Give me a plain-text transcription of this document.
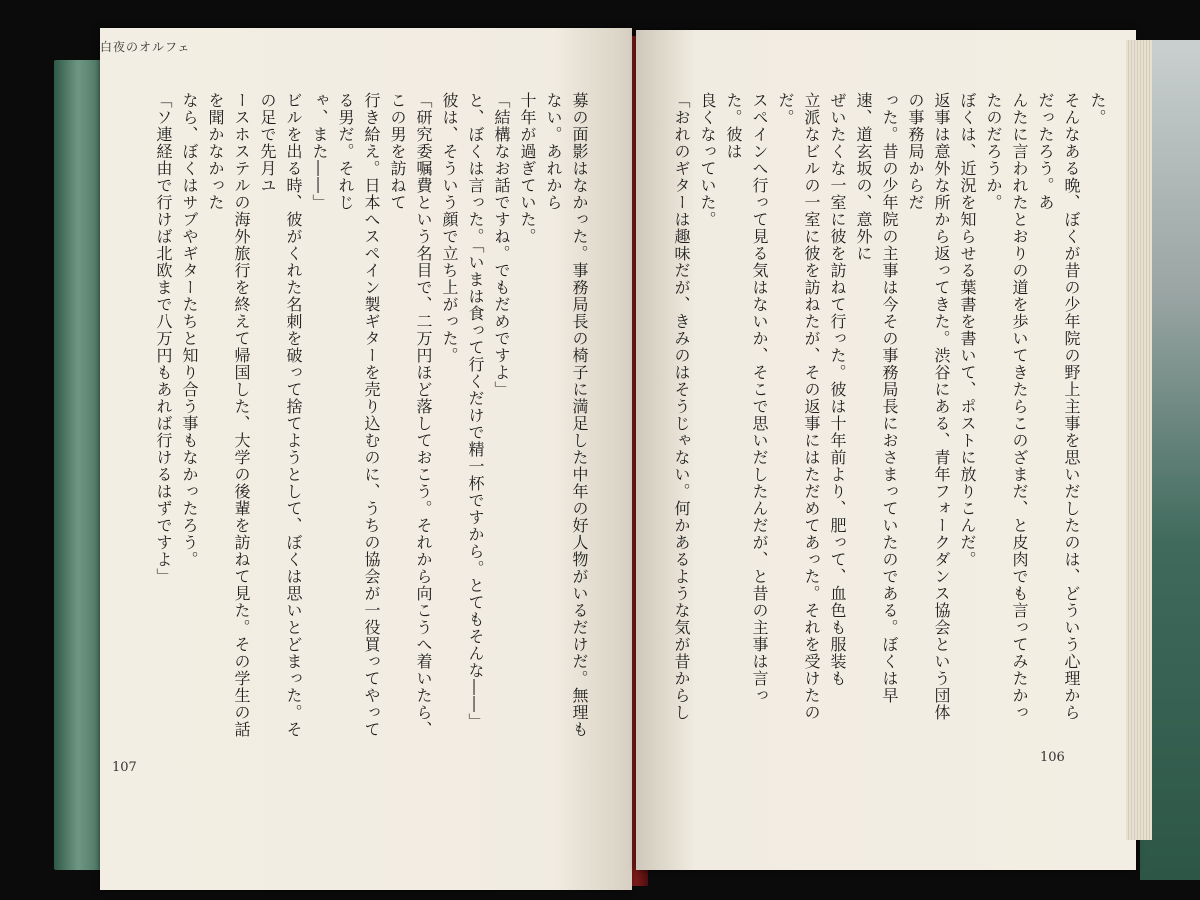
募の面影はなかった。事務局長の椅子に満足した中年の好人物がいるだけだ。無理もない。あれから

十年が過ぎていた。

「結構なお話ですね。でもだめですよ」

と、ぼくは言った。「いまは食って行くだけで精一杯ですから。とてもそんな――」

彼は、そういう顔で立ち上がった。

「研究委嘱費という名目で、二万円ほど落しておこう。それから向こうへ着いたら、この男を訪ねて

行き給え。日本へスペイン製ギターを売り込むのに、うちの協会が一役買ってやってる男だ。それじ

ゃ、また――」

ビルを出る時、彼がくれた名刺を破って捨てようとして、ぼくは思いとどまった。その足で先月ユ

ースホステルの海外旅行を終えて帰国した、大学の後輩を訪ねて見た。その学生の話を聞かなかった

なら、ぼくはサブやギターたちと知り合う事もなかったろう。

「ソ連経由で行けば北欧まで八万円もあれば行けるはずですよ」

白夜のオルフェ
107

た。

そんなある晩、ぼくが昔の少年院の野上主事を思いだしたのは、どういう心理からだったろう。あ

んたに言われたとおりの道を歩いてきたらこのざまだ、と皮肉でも言ってみたかったのだろうか。

ぼくは、近況を知らせる葉書を書いて、ポストに放りこんだ。

返事は意外な所から返ってきた。渋谷にある、青年フォークダンス協会という団体の事務局からだ

った。昔の少年院の主事は今その事務局長におさまっていたのである。ぼくは早速、道玄坂の、意外に

ぜいたくな一室に彼を訪ねて行った。彼は十年前より、肥って、血色も服装も

立派なビルの一室に彼を訪ねたが、その返事にはただめてあった。それを受けたのだ。

スペインへ行って見る気はないか、そこで思いだしたんだが、と昔の主事は言った。彼は

良くなっていた。

「おれのギターは趣味だが、きみのはそうじゃない。何かあるような気が昔からし

106
